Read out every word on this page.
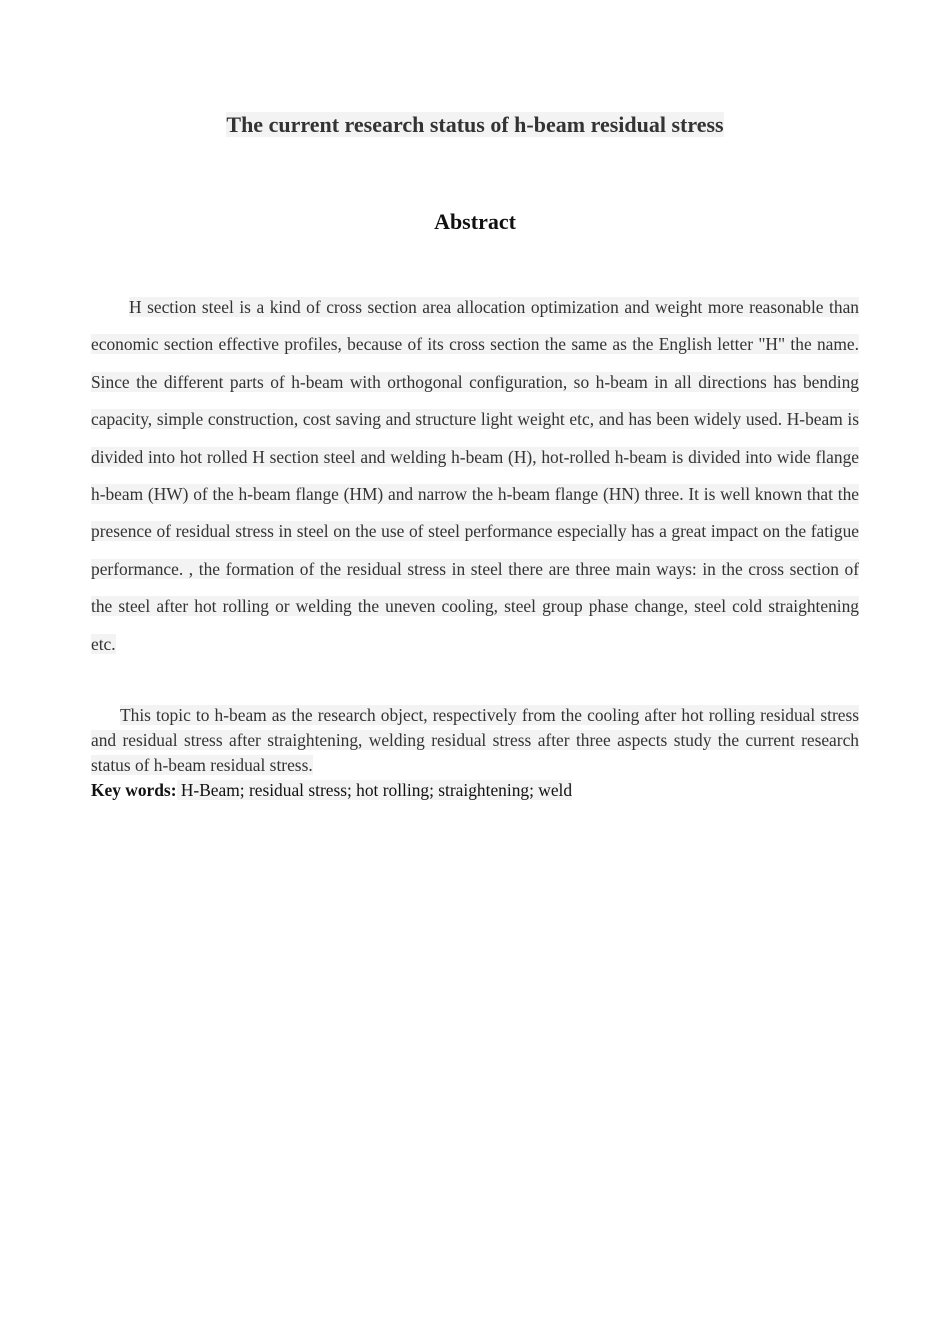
The current research status of h-beam residual stress
Abstract

H section steel is a kind of cross section area allocation optimization and weight more reasonable than economic section effective profiles, because of its cross section the same as the English letter "H" the name. Since the different parts of h-beam with orthogonal configuration, so h-beam in all directions has bending capacity, simple construction, cost saving and structure light weight etc, and has been widely used. H-beam is divided into hot rolled H section steel and welding h-beam (H), hot-rolled h-beam is divided into wide flange h-beam (HW) of the h-beam flange (HM) and narrow the h-beam flange (HN) three. It is well known that the presence of residual stress in steel on the use of steel performance especially has a great impact on the fatigue performance. , the formation of the residual stress in steel there are three main ways: in the cross section of the steel after hot rolling or welding the uneven cooling, steel group phase change, steel cold straightening etc.

This topic to h-beam as the research object, respectively from the cooling after hot rolling residual stress and residual stress after straightening, welding residual stress after three aspects study the current research status of h-beam residual stress.

Key words: H-Beam; residual stress; hot rolling; straightening; weld
